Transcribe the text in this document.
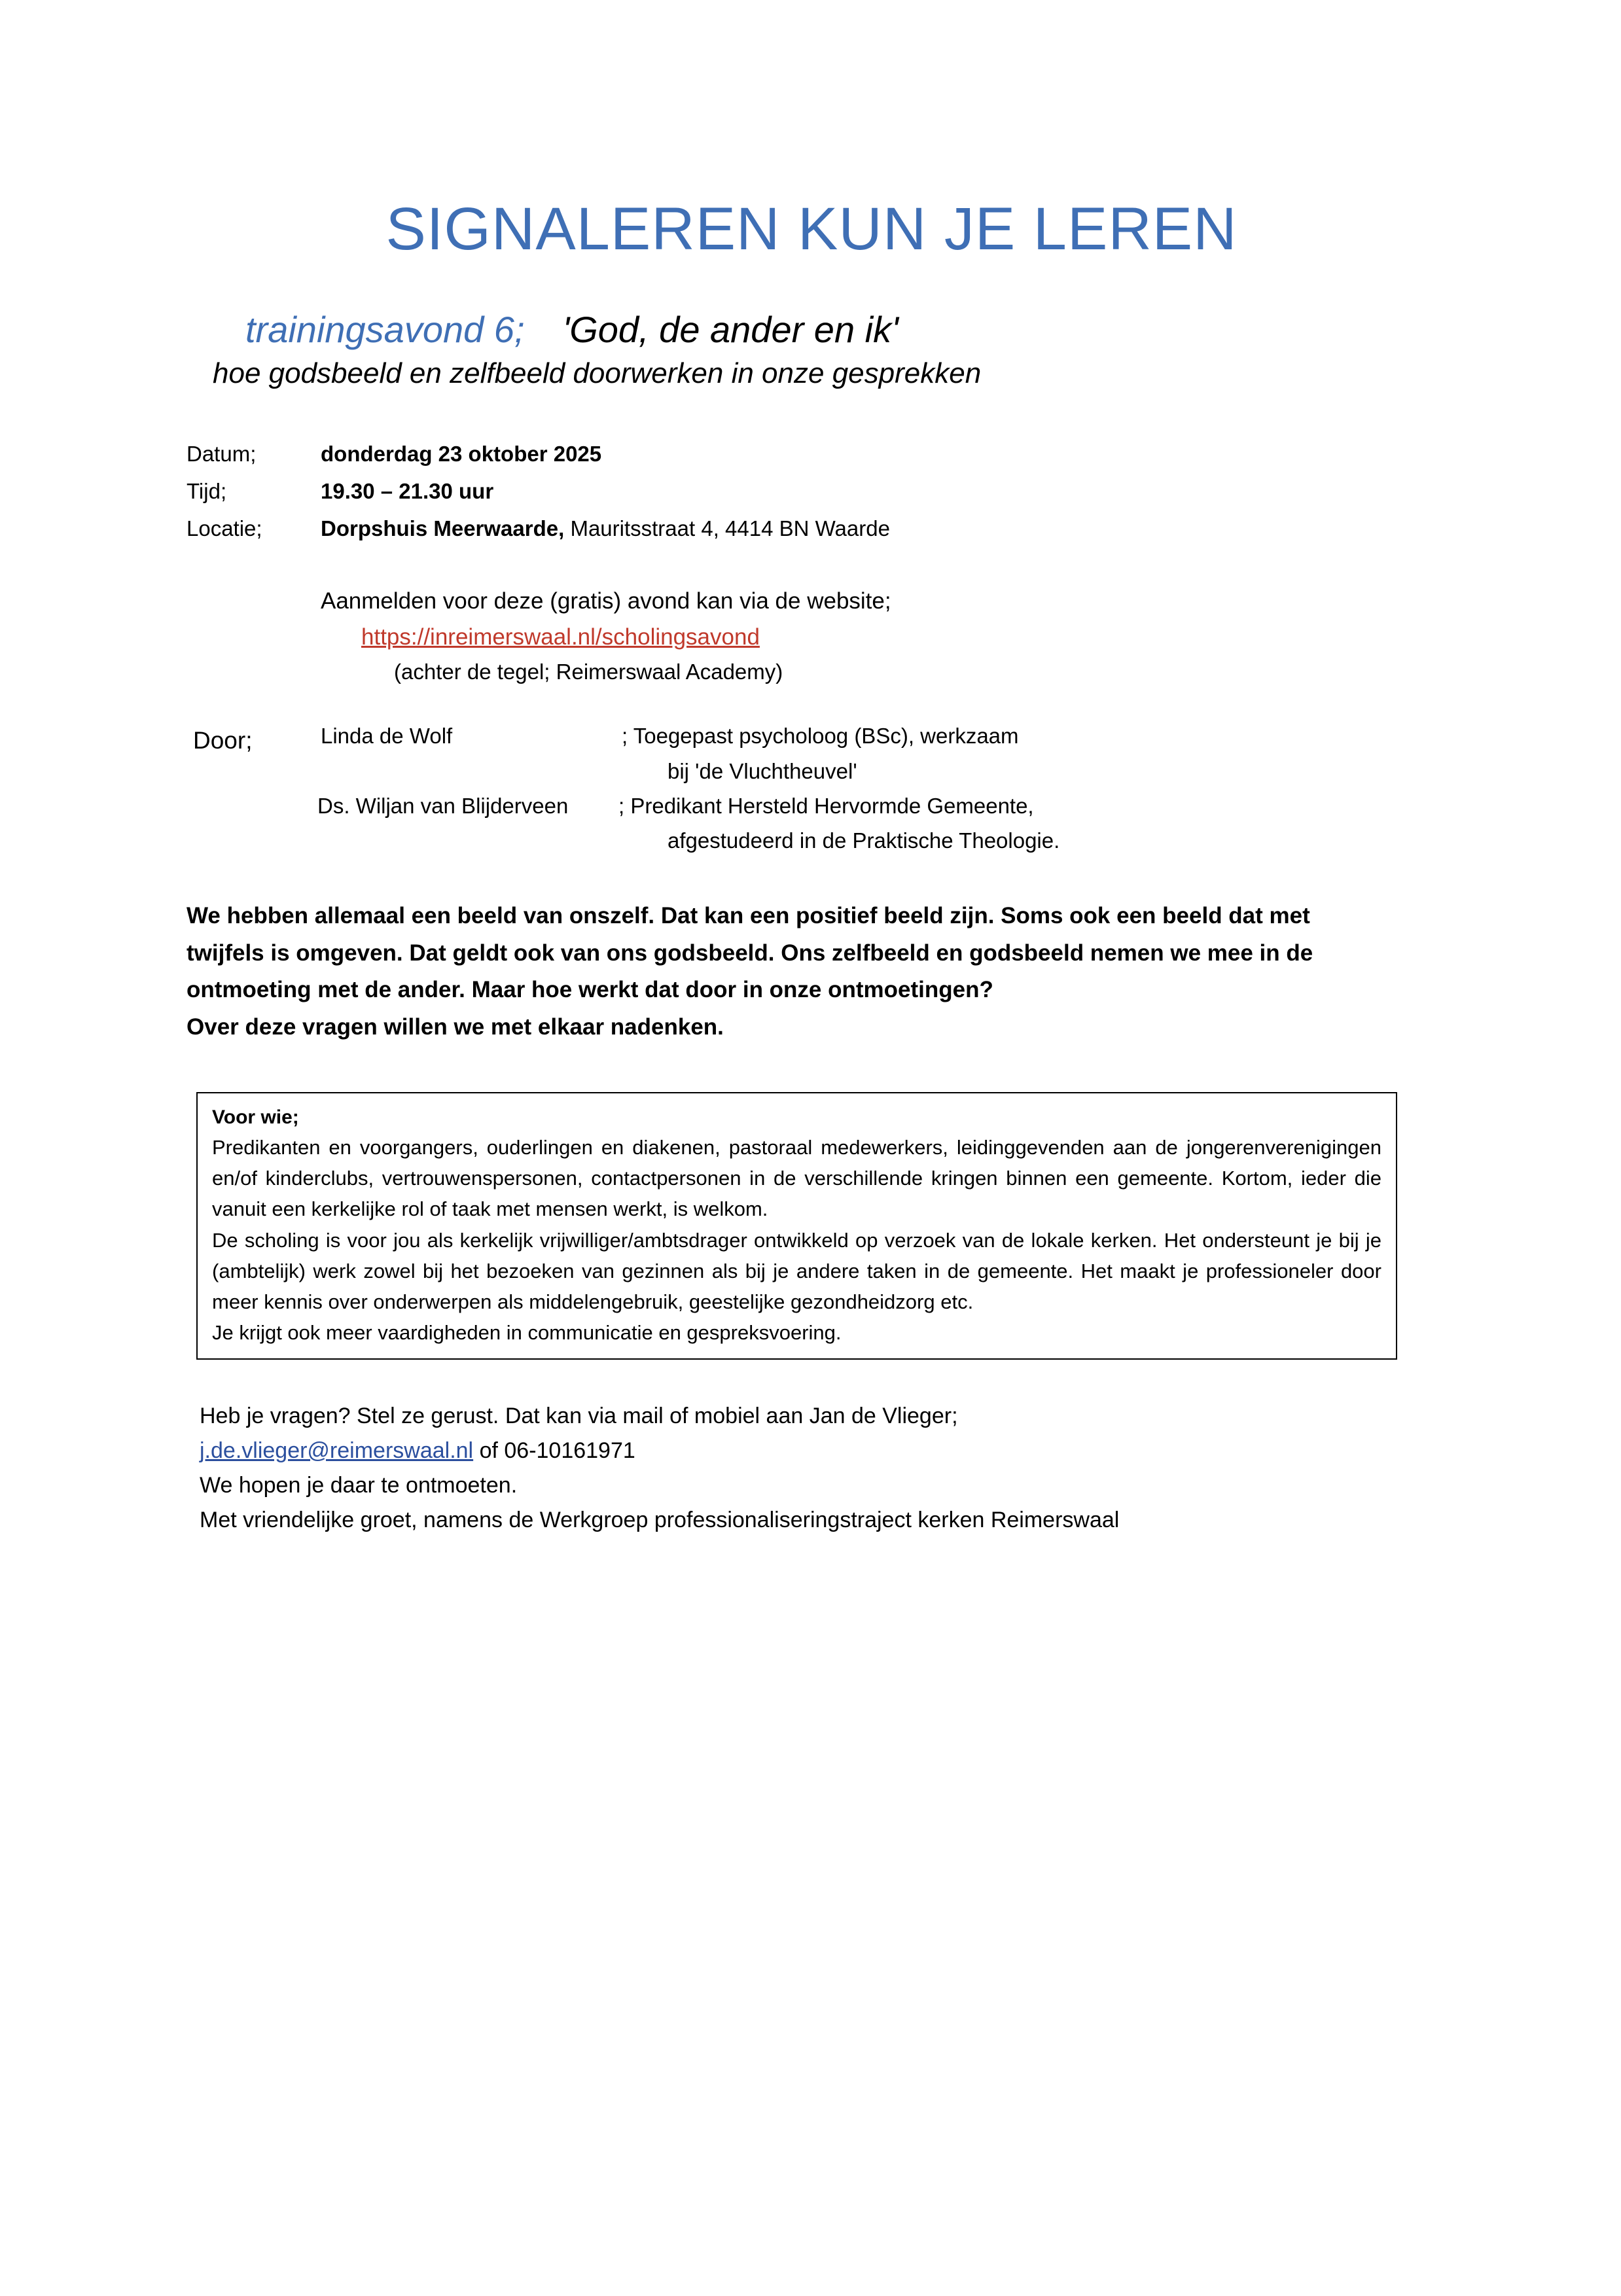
SIGNALEREN KUN JE LEREN
trainingsavond 6; 'God, de ander en ik'
hoe godsbeeld en zelfbeeld doorwerken in onze gesprekken
Datum;	donderdag 23 oktober 2025
Tijd;	19.30 – 21.30 uur
Locatie;	Dorpshuis Meerwaarde, Mauritsstraat 4, 4414 BN Waarde
Aanmelden voor deze (gratis) avond kan via de website;
https://inreimerswaal.nl/scholingsavond
(achter de tegel; Reimerswaal Academy)
Door;	Linda de Wolf	; Toegepast psycholoog (BSc), werkzaam
bij 'de Vluchtheuvel'
Ds. Wiljan van Blijderveen	; Predikant Hersteld Hervormde Gemeente,
afgestudeerd in de Praktische Theologie.

We hebben allemaal een beeld van onszelf. Dat kan een positief beeld zijn. Soms ook een beeld dat met twijfels is omgeven. Dat geldt ook van ons godsbeeld. Ons zelfbeeld en godsbeeld nemen we mee in de ontmoeting met de ander. Maar hoe werkt dat door in onze ontmoetingen?

Over deze vragen willen we met elkaar nadenken.

Voor wie;

Predikanten en voorgangers, ouderlingen en diakenen, pastoraal medewerkers, leidinggevenden aan de jongerenverenigingen en/of kinderclubs, vertrouwenspersonen, contactpersonen in de verschillende kringen binnen een gemeente. Kortom, ieder die vanuit een kerkelijke rol of taak met mensen werkt, is welkom.

De scholing is voor jou als kerkelijk vrijwilliger/ambtsdrager ontwikkeld op verzoek van de lokale kerken. Het ondersteunt je bij je (ambtelijk) werk zowel bij het bezoeken van gezinnen als bij je andere taken in de gemeente. Het maakt je professioneler door meer kennis over onderwerpen als middelengebruik, geestelijke gezondheidzorg etc.

Je krijgt ook meer vaardigheden in communicatie en gespreksvoering.

Heb je vragen? Stel ze gerust. Dat kan via mail of mobiel aan Jan de Vlieger;

j.de.vlieger@reimerswaal.nl of 06-10161971

We hopen je daar te ontmoeten.

Met vriendelijke groet, namens de Werkgroep professionaliseringstraject kerken Reimerswaal
